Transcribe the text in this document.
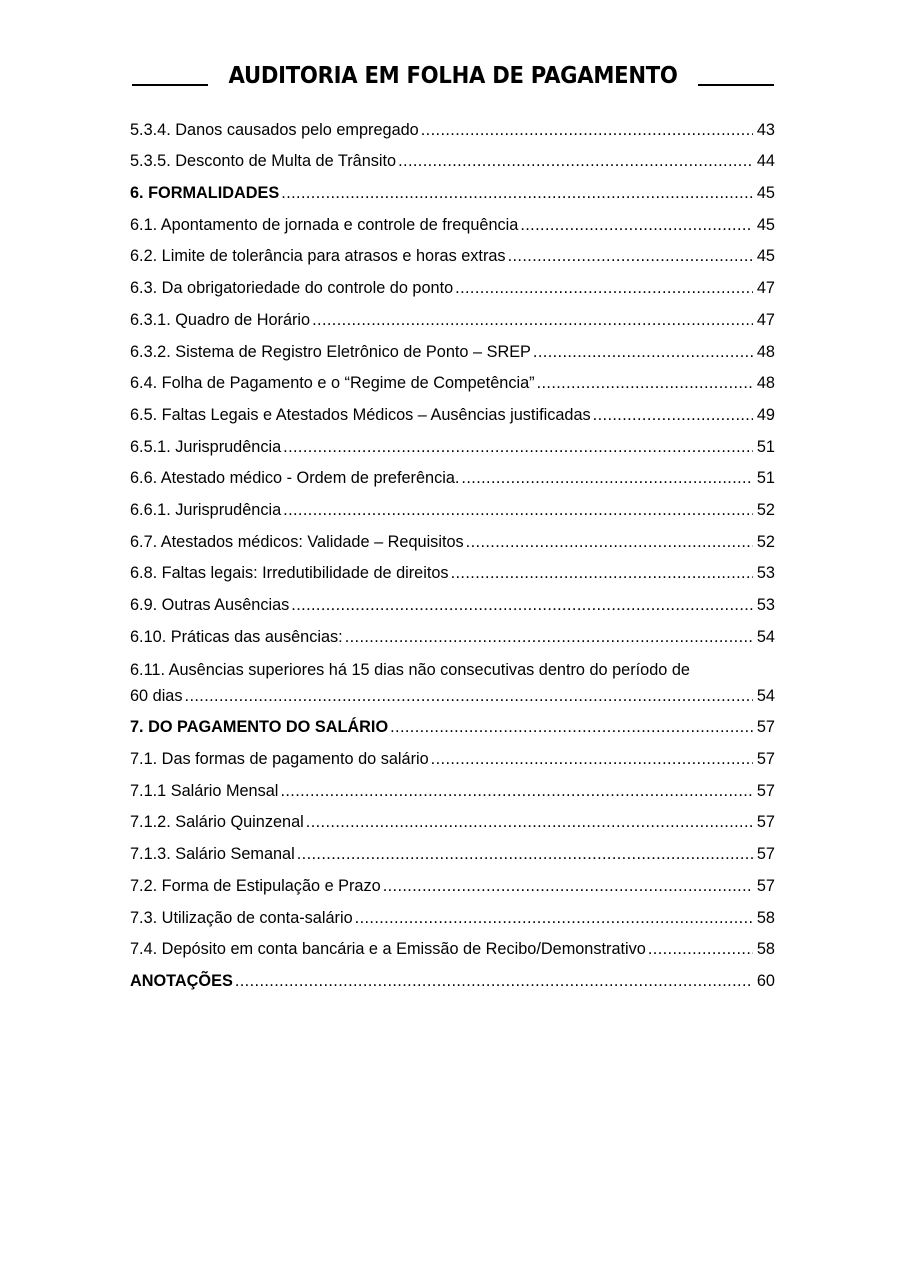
AUDITORIA EM FOLHA DE PAGAMENTO
5.3.4. Danos causados pelo empregado .....	43
5.3.5. Desconto de Multa de Trânsito .....	44
6. FORMALIDADES .....	45
6.1. Apontamento de jornada e controle de frequência .....	45
6.2. Limite de tolerância para atrasos e horas extras .....	45
6.3. Da obrigatoriedade do controle do ponto .....	47
6.3.1. Quadro de Horário .....	47
6.3.2. Sistema de Registro Eletrônico de Ponto – SREP .....	48
6.4. Folha de Pagamento e o “Regime de Competência” .....	48
6.5. Faltas Legais e Atestados Médicos – Ausências justificadas .....	49
6.5.1. Jurisprudência .....	51
6.6. Atestado médico - Ordem de preferência. .....	51
6.6.1. Jurisprudência .....	52
6.7. Atestados médicos: Validade – Requisitos .....	52
6.8. Faltas legais: Irredutibilidade de direitos .....	53
6.9. Outras Ausências .....	53
6.10. Práticas das ausências: .....	54
6.11. Ausências superiores há 15 dias não consecutivas dentro do período de
60 dias .....	54
7. DO PAGAMENTO DO SALÁRIO .....	57
7.1. Das formas de pagamento do salário .....	57
7.1.1 Salário Mensal .....	57
7.1.2. Salário Quinzenal .....	57
7.1.3. Salário Semanal .....	57
7.2. Forma de Estipulação e Prazo .....	57
7.3. Utilização de conta-salário .....	58
7.4. Depósito em conta bancária e a Emissão de Recibo/Demonstrativo .....	58
ANOTAÇÕES .....	60
